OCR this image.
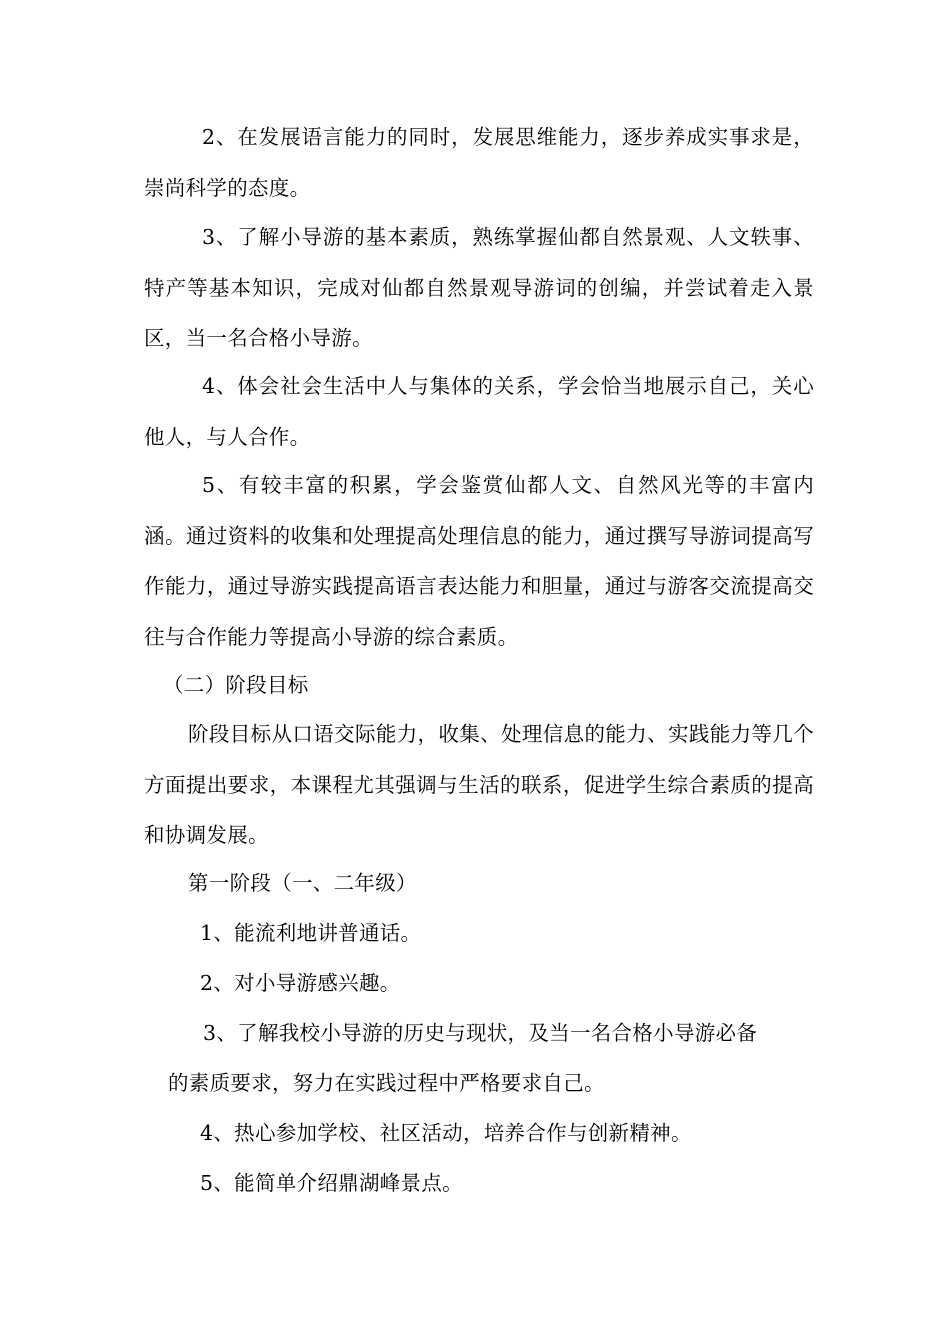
2、在发展语言能力的同时，发展思维能力，逐步养成实事求是，崇尚科学的态度。

3、了解小导游的基本素质，熟练掌握仙都自然景观、人文轶事、特产等基本知识，完成对仙都自然景观导游词的创编，并尝试着走入景区，当一名合格小导游。

4、体会社会生活中人与集体的关系，学会恰当地展示自己，关心他人，与人合作。

5、有较丰富的积累，学会鉴赏仙都人文、自然风光等的丰富内涵。通过资料的收集和处理提高处理信息的能力，通过撰写导游词提高写作能力，通过导游实践提高语言表达能力和胆量，通过与游客交流提高交往与合作能力等提高小导游的综合素质。

（二）阶段目标

阶段目标从口语交际能力，收集、处理信息的能力、实践能力等几个方面提出要求，本课程尤其强调与生活的联系，促进学生综合素质的提高和协调发展。

第一阶段（一、二年级）

1、能流利地讲普通话。

2、对小导游感兴趣。

3、了解我校小导游的历史与现状，及当一名合格小导游必备

的素质要求，努力在实践过程中严格要求自己。

4、热心参加学校、社区活动，培养合作与创新精神。

5、能简单介绍鼎湖峰景点。
